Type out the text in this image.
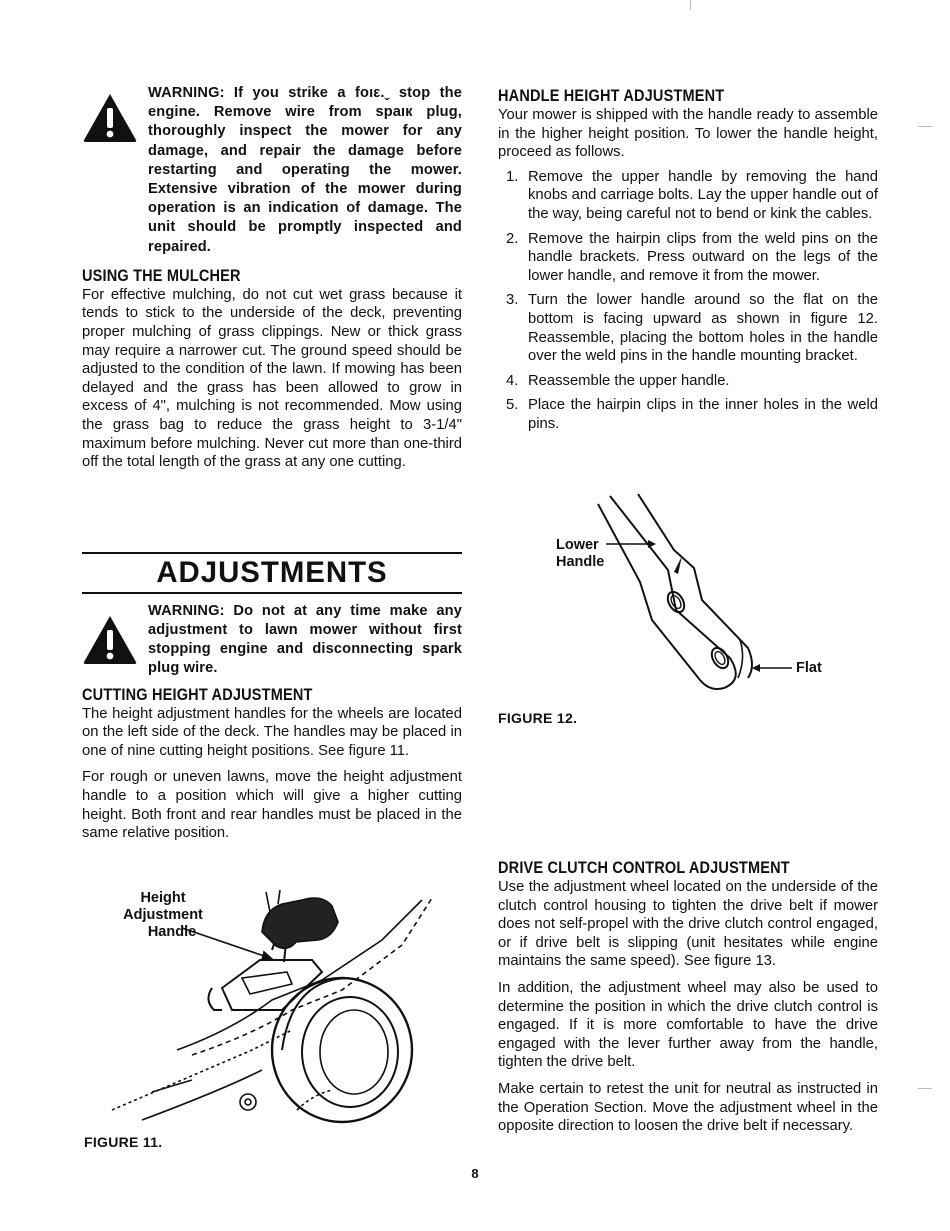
WARNING: If you strike a foıε.ˬ stop the engine. Remove wire from spaıк plug, thoroughly inspect the mower for any damage, and repair the damage before restarting and operating the mower. Extensive vibration of the mower during operation is an indication of damage. The unit should be promptly inspected and repaired.
USING THE MULCHER

For effective mulching, do not cut wet grass because it tends to stick to the underside of the deck, preventing proper mulching of grass clippings. New or thick grass may require a narrower cut. The ground speed should be adjusted to the condition of the lawn. If mowing has been delayed and the grass has been allowed to grow in excess of 4", mulching is not recommended. Mow using the grass bag to reduce the grass height to 3-1/4" maximum before mulching. Never cut more than one-third off the total length of the grass at any one cutting.

ADJUSTMENTS
WARNING: Do not at any time make any adjustment to lawn mower without first stopping engine and disconnecting spark plug wire.
CUTTING HEIGHT ADJUSTMENT

The height adjustment handles for the wheels are located on the left side of the deck. The handles may be placed in one of nine cutting height positions. See figure 11.

For rough or uneven lawns, move the height adjustment handle to a position which will give a higher cutting height. Both front and rear handles must be placed in the same relative position.

Height
Adjustment
Handle
FIGURE 11.
HANDLE HEIGHT ADJUSTMENT

Your mower is shipped with the handle ready to assemble in the higher height position. To lower the handle height, proceed as follows.

1. Remove the upper handle by removing the hand knobs and carriage bolts. Lay the upper handle out of the way, being careful not to bend or kink the cables.
2. Remove the hairpin clips from the weld pins on the handle brackets. Press outward on the legs of the lower handle, and remove it from the mower.
3. Turn the lower handle around so the flat on the bottom is facing upward as shown in figure 12. Reassemble, placing the bottom holes in the handle over the weld pins in the handle mounting bracket.
4. Reassemble the upper handle.
5. Place the hairpin clips in the inner holes in the weld pins.
Lower
Handle
Flat
FIGURE 12.
DRIVE CLUTCH CONTROL ADJUSTMENT

Use the adjustment wheel located on the underside of the clutch control housing to tighten the drive belt if mower does not self-propel with the drive clutch control engaged, or if drive belt is slipping (unit hesitates while engine maintains the same speed). See figure 13.

In addition, the adjustment wheel may also be used to determine the position in which the drive clutch control is engaged. If it is more comfortable to have the drive engaged with the lever further away from the handle, tighten the drive belt.

Make certain to retest the unit for neutral as instructed in the Operation Section. Move the adjustment wheel in the opposite direction to loosen the drive belt if necessary.

8
